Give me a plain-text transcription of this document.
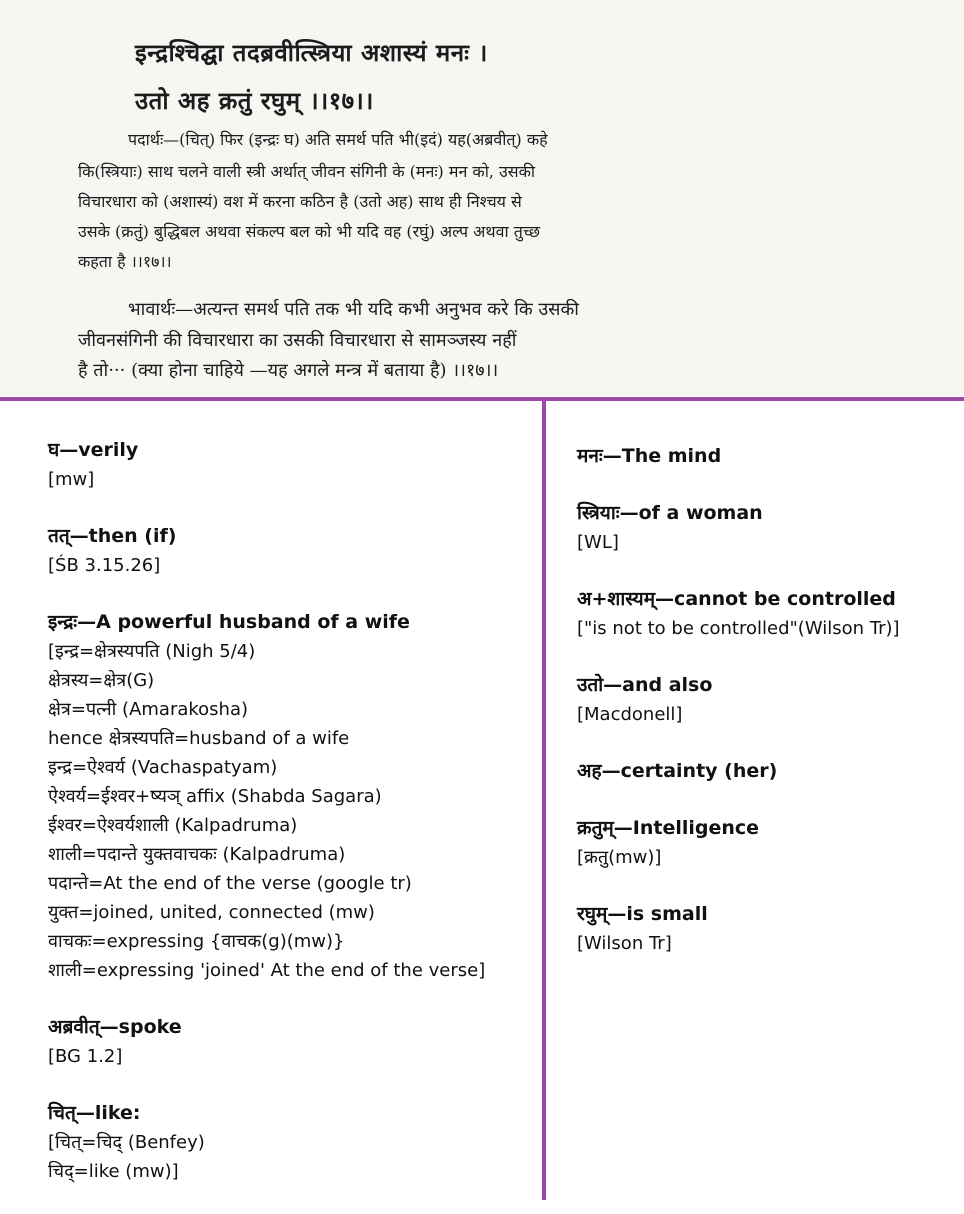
इन्द्रश्चिद्घा तदब्रवीत्स्त्रिया अशास्यं मनः ।
उतो अह क्रतुं रघुम् ।।१७।।
पदार्थः—(चित्) फिर (इन्द्रः घ) अति समर्थ पति भी(इदं) यह(अब्रवीत्) कहे
कि(स्त्रियाः) साथ चलने वाली स्त्री अर्थात् जीवन संगिनी के (मनः) मन को, उसकी
विचारधारा को (अशास्यं) वश में करना कठिन है (उतो अह) साथ ही निश्चय से
उसके (क्रतुं) बुद्धिबल अथवा संकल्प बल को भी यदि वह (रघुं) अल्प अथवा तुच्छ
कहता है ।।१७।।
भावार्थः—अत्यन्त समर्थ पति तक भी यदि कभी अनुभव करे कि उसकी
जीवनसंगिनी की विचारधारा का उसकी विचारधारा से सामञ्जस्य नहीं
है तो··· (क्या होना चाहिये —यह अगले मन्त्र में बताया है) ।।१७।।
घ—verily
[mw]
तत्—then (if)
[ŚB 3.15.26]
इन्द्रः—A powerful husband of a wife
[इन्द्र=क्षेत्रस्यपति (Nigh 5/4)
क्षेत्रस्य=क्षेत्र(G)
क्षेत्र=पत्नी (Amarakosha)
hence क्षेत्रस्यपति=husband of a wife
इन्द्र=ऐश्वर्य (Vachaspatyam)
ऐश्वर्य=ईश्वर+ष्यञ् affix (Shabda Sagara)
ईश्वर=ऐश्वर्यशाली (Kalpadruma)
शाली=पदान्ते युक्तवाचकः (Kalpadruma)
पदान्ते=At the end of the verse (google tr)
युक्त=joined, united, connected (mw)
वाचकः=expressing {वाचक(g)(mw)}
शाली=expressing 'joined' At the end of the verse]
अब्रवीत्—spoke
[BG 1.2]
चित्—like:
[चित्=चिद् (Benfey)
चिद्=like (mw)]
मनः—The mind
स्त्रियाः—of a woman
[WL]
अ+शास्यम्—cannot be controlled
["is not to be controlled"(Wilson Tr)]
उतो—and also
[Macdonell]
अह—certainty (her)
क्रतुम्—Intelligence
[क्रतु(mw)]
रघुम्—is small
[Wilson Tr]
